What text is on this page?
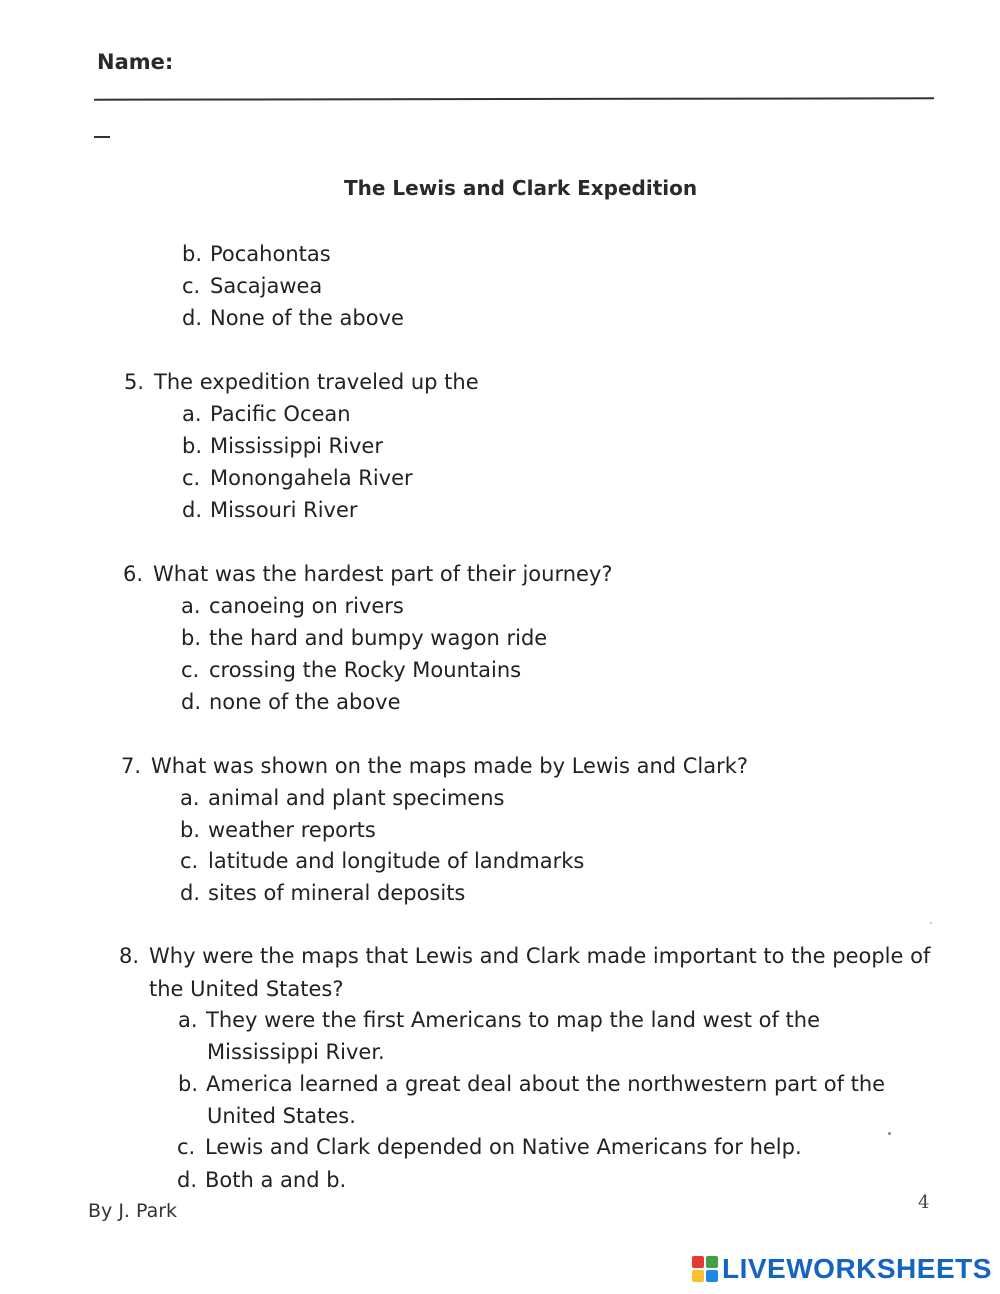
Name:
The Lewis and Clark Expedition
b. Pocahontas
c. Sacajawea
d. None of the above
5. The expedition traveled up the
a. Pacific Ocean
b. Mississippi River
c. Monongahela River
d. Missouri River
6. What was the hardest part of their journey?
a. canoeing on rivers
b. the hard and bumpy wagon ride
c. crossing the Rocky Mountains
d. none of the above
7. What was shown on the maps made by Lewis and Clark?
a. animal and plant specimens
b. weather reports
c. latitude and longitude of landmarks
d. sites of mineral deposits
8. Why were the maps that Lewis and Clark made important to the people of
the United States?
a. They were the first Americans to map the land west of the
Mississippi River.
b. America learned a great deal about the northwestern part of the
United States.
c. Lewis and Clark depended on Native Americans for help.
d. Both a and b.
By J. Park	4
LIVEWORKSHEETS
